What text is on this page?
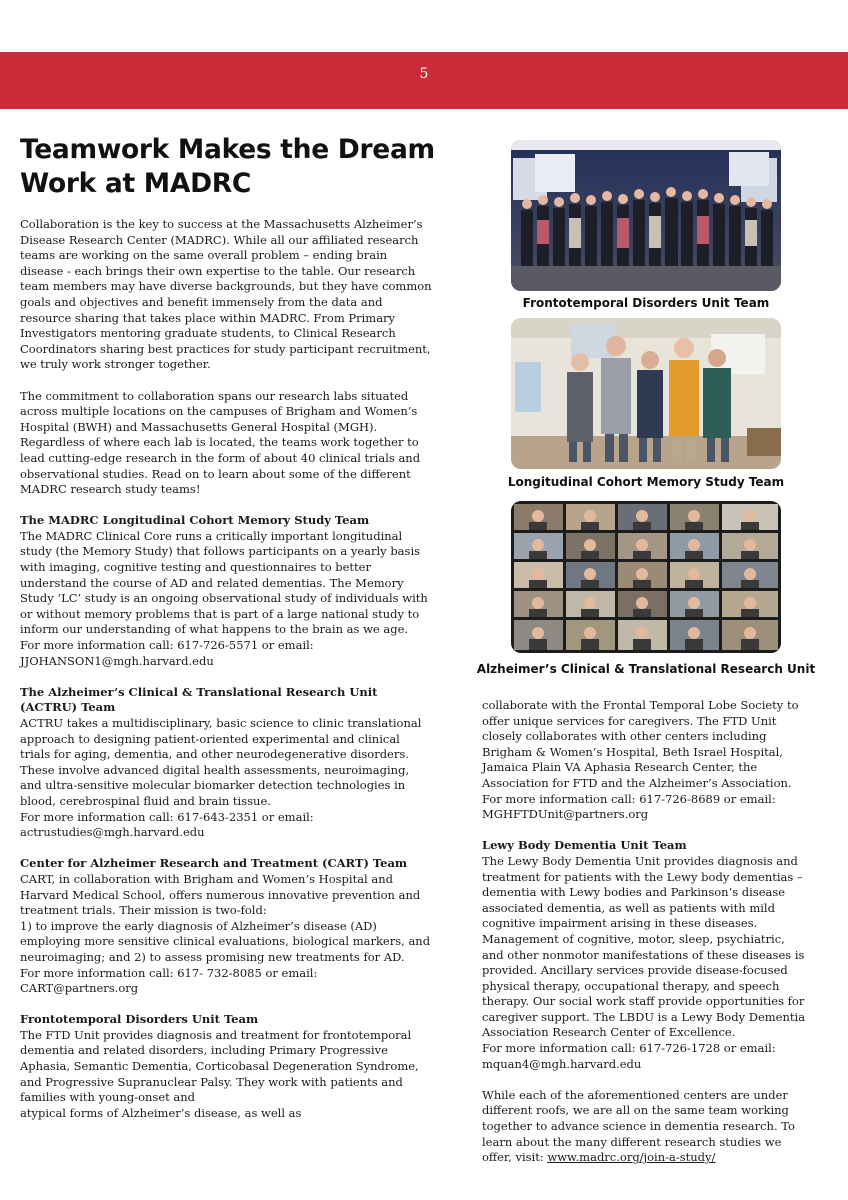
5
Teamwork Makes the Dream Work at MADRC

Collaboration is the key to success at the Massachusetts Alzheimer’s Disease Research Center (MADRC). While all our affiliated research teams are working on the same overall problem – ending brain disease - each brings their own expertise to the table. Our research team members may have diverse backgrounds, but they have common goals and objectives and benefit immensely from the data and resource sharing that takes place within MADRC. From Primary Investigators mentoring graduate students, to Clinical Research Coordinators sharing best practices for study participant recruitment, we truly work stronger together.

The commitment to collaboration spans our research labs situated across multiple locations on the campuses of Brigham and Women’s Hospital (BWH) and Massachusetts General Hospital (MGH). Regardless of where each lab is located, the teams work together to lead cutting-edge research in the form of about 40 clinical trials and observational studies. Read on to learn about some of the different MADRC research study teams!

The MADRC Longitudinal Cohort Memory Study Team

The MADRC Clinical Core runs a critically important longitudinal study (the Memory Study) that follows participants on a yearly basis with imaging, cognitive testing and questionnaires to better understand the course of AD and related dementias. The Memory Study ‘LC’ study is an ongoing observational study of individuals with or without memory problems that is part of a large national study to inform our understanding of what happens to the brain as we age.

For more information call: 617-726-5571 or email:

JJOHANSON1@mgh.harvard.edu

The Alzheimer’s Clinical & Translational Research Unit (ACTRU) Team

ACTRU takes a multidisciplinary, basic science to clinic translational approach to designing patient-oriented experimental and clinical trials for aging, dementia, and other neurodegenerative disorders. These involve advanced digital health assessments, neuroimaging, and ultra-sensitive molecular biomarker detection technologies in blood, cerebrospinal fluid and brain tissue.

For more information call: 617-643-2351 or email:

actrustudies@mgh.harvard.edu

Center for Alzheimer Research and Treatment (CART) Team

CART, in collaboration with Brigham and Women’s Hospital and Harvard Medical School, offers numerous innovative prevention and treatment trials. Their mission is two-fold:

1) to improve the early diagnosis of Alzheimer’s disease (AD) employing more sensitive clinical evaluations, biological markers, and neuroimaging; and 2) to assess promising new treatments for AD.

For more information call: 617- 732-8085 or email:

CART@partners.org

Frontotemporal Disorders Unit Team

The FTD Unit provides diagnosis and treatment for frontotemporal dementia and related disorders, including Primary Progressive Aphasia, Semantic Dementia, Corticobasal Degeneration Syndrome, and Progressive Supranuclear Palsy. They work with patients and families with young-onset and

atypical forms of Alzheimer’s disease, as well as

Frontotemporal Disorders Unit Team
Longitudinal Cohort Memory Study Team
Alzheimer’s Clinical & Translational Research Unit

collaborate with the Frontal Temporal Lobe Society to offer unique services for caregivers. The FTD Unit closely collaborates with other centers including Brigham & Women’s Hospital, Beth Israel Hospital, Jamaica Plain VA Aphasia Research Center, the Association for FTD and the Alzheimer’s Association.

For more information call: 617-726-8689 or email:

MGHFTDUnit@partners.org

Lewy Body Dementia Unit Team

The Lewy Body Dementia Unit provides diagnosis and treatment for patients with the Lewy body dementias – dementia with Lewy bodies and Parkinson’s disease associated dementia, as well as patients with mild cognitive impairment arising in these diseases. Management of cognitive, motor, sleep, psychiatric, and other nonmotor manifestations of these diseases is provided. Ancillary services provide disease-focused physical therapy, occupational therapy, and speech therapy. Our social work staff provide opportunities for caregiver support. The LBDU is a Lewy Body Dementia Association Research Center of Excellence.

For more information call: 617-726-1728 or email:

mquan4@mgh.harvard.edu

While each of the aforementioned centers are under different roofs, we are all on the same team working together to advance science in dementia research. To learn about the many different research studies we offer, visit: www.madrc.org/join-a-study/
